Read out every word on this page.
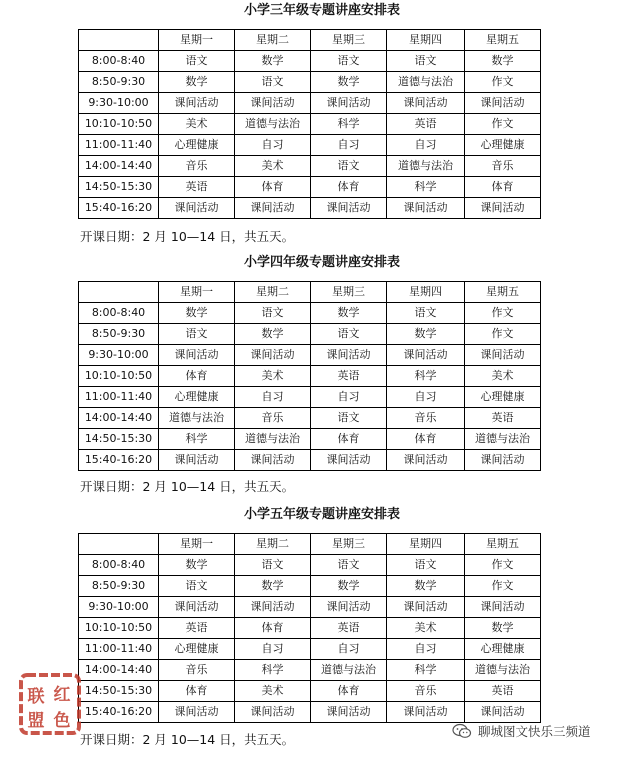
小学三年级专题讲座安排表
	星期一	星期二	星期三	星期四	星期五
8:00-8:40	语文	数学	语文	语文	数学
8:50-9:30	数学	语文	数学	道德与法治	作文
9:30-10:00	课间活动	课间活动	课间活动	课间活动	课间活动
10:10-10:50	美术	道德与法治	科学	英语	作文
11:00-11:40	心理健康	自习	自习	自习	心理健康
14:00-14:40	音乐	美术	语文	道德与法治	音乐
14:50-15:30	英语	体育	体育	科学	体育
15:40-16:20	课间活动	课间活动	课间活动	课间活动	课间活动
开课日期：2 月 10—14 日，共五天。
小学四年级专题讲座安排表
	星期一	星期二	星期三	星期四	星期五
8:00-8:40	数学	语文	数学	语文	作文
8:50-9:30	语文	数学	语文	数学	作文
9:30-10:00	课间活动	课间活动	课间活动	课间活动	课间活动
10:10-10:50	体育	美术	英语	科学	美术
11:00-11:40	心理健康	自习	自习	自习	心理健康
14:00-14:40	道德与法治	音乐	语文	音乐	英语
14:50-15:30	科学	道德与法治	体育	体育	道德与法治
15:40-16:20	课间活动	课间活动	课间活动	课间活动	课间活动
开课日期：2 月 10—14 日，共五天。
小学五年级专题讲座安排表
	星期一	星期二	星期三	星期四	星期五
8:00-8:40	数学	语文	语文	语文	作文
8:50-9:30	语文	数学	数学	数学	作文
9:30-10:00	课间活动	课间活动	课间活动	课间活动	课间活动
10:10-10:50	英语	体育	英语	美术	数学
11:00-11:40	心理健康	自习	自习	自习	心理健康
14:00-14:40	音乐	科学	道德与法治	科学	道德与法治
14:50-15:30	体育	美术	体育	音乐	英语
15:40-16:20	课间活动	课间活动	课间活动	课间活动	课间活动
开课日期：2 月 10—14 日，共五天。
联 红
盟 色
聊城图文快乐三频道
